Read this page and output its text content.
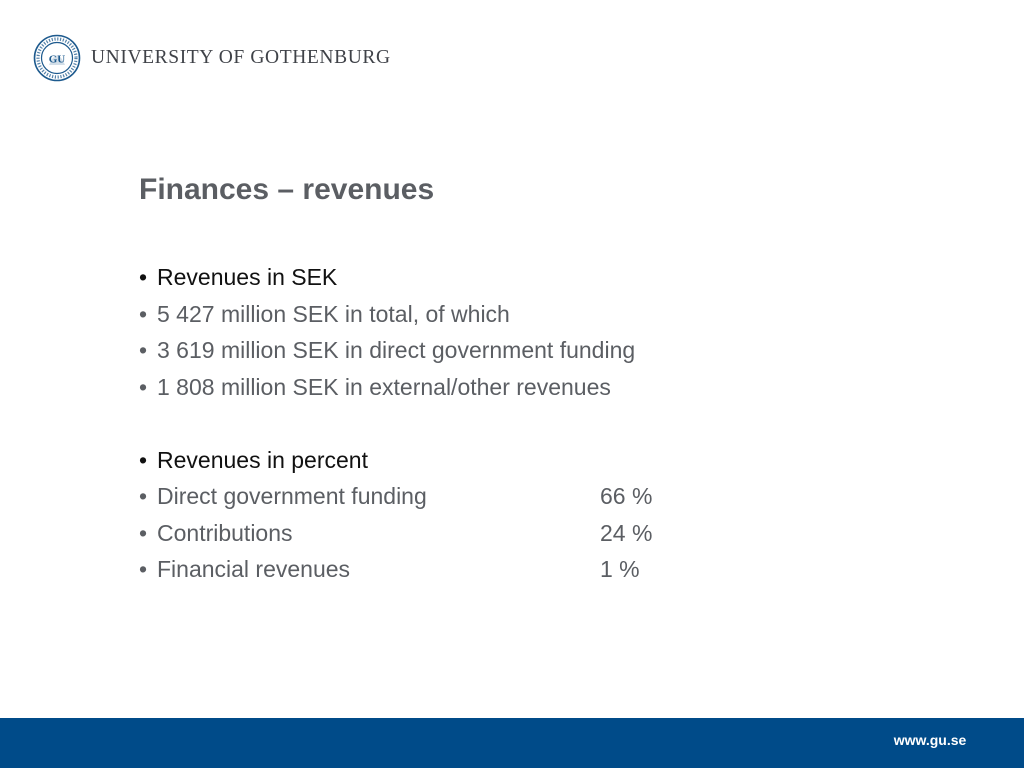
GU UNIVERSITY OF GOTHENBURG
Finances – revenues
• Revenues in SEK
• 5 427 million SEK in total, of which
• 3 619 million SEK in direct government funding
• 1 808 million SEK in external/other revenues
• Revenues in percent
• Direct government funding	66 %
• Contributions	24 %
• Financial revenues	1 %
www.gu.se
